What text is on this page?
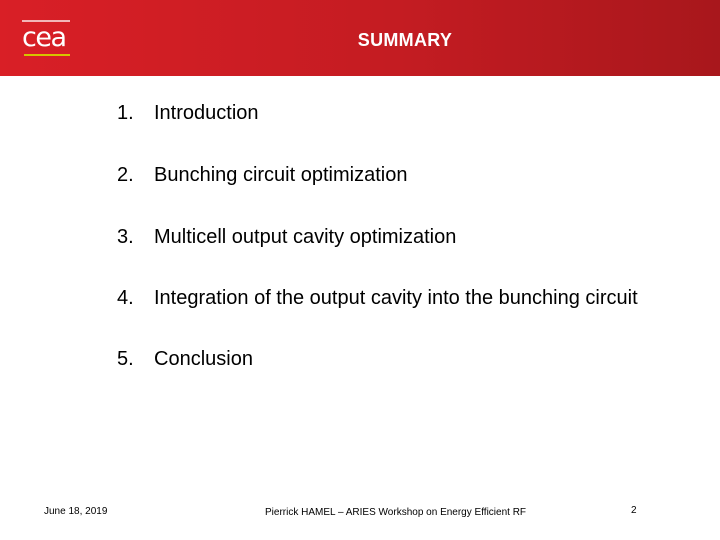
cea	SUMMARY
1. Introduction
2. Bunching circuit optimization
3. Multicell output cavity optimization
4. Integration of the output cavity into the bunching circuit
5. Conclusion
June 18, 2019	Pierrick HAMEL – ARIES Workshop on Energy Efficient RF	2
